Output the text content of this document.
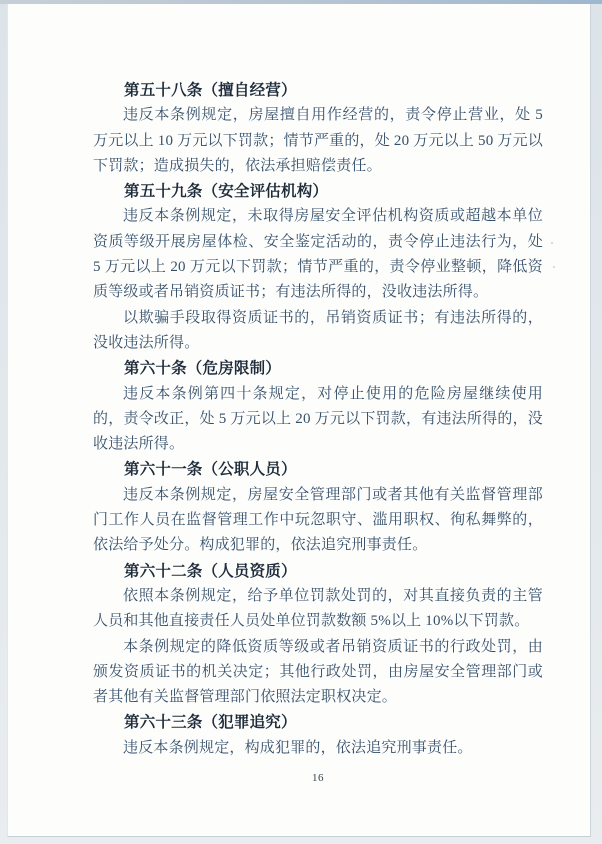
第五十八条（擅自经营）

违反本条例规定，房屋擅自用作经营的，责令停止营业，处 5 万元以上 10 万元以下罚款；情节严重的，处 20 万元以上 50 万元以下罚款；造成损失的，依法承担赔偿责任。

第五十九条（安全评估机构）

违反本条例规定，未取得房屋安全评估机构资质或超越本单位资质等级开展房屋体检、安全鉴定活动的，责令停止违法行为，处 5 万元以上 20 万元以下罚款；情节严重的，责令停业整顿，降低资质等级或者吊销资质证书；有违法所得的，没收违法所得。

以欺骗手段取得资质证书的，吊销资质证书；有违法所得的，没收违法所得。

第六十条（危房限制）

违反本条例第四十条规定，对停止使用的危险房屋继续使用的，责令改正，处 5 万元以上 20 万元以下罚款，有违法所得的，没收违法所得。

第六十一条（公职人员）

违反本条例规定，房屋安全管理部门或者其他有关监督管理部门工作人员在监督管理工作中玩忽职守、滥用职权、徇私舞弊的，依法给予处分。构成犯罪的，依法追究刑事责任。

第六十二条（人员资质）

依照本条例规定，给予单位罚款处罚的，对其直接负责的主管人员和其他直接责任人员处单位罚款数额 5%以上 10%以下罚款。

本条例规定的降低资质等级或者吊销资质证书的行政处罚，由颁发资质证书的机关决定；其他行政处罚，由房屋安全管理部门或者其他有关监督管理部门依照法定职权决定。

第六十三条（犯罪追究）

违反本条例规定，构成犯罪的，依法追究刑事责任。

16
